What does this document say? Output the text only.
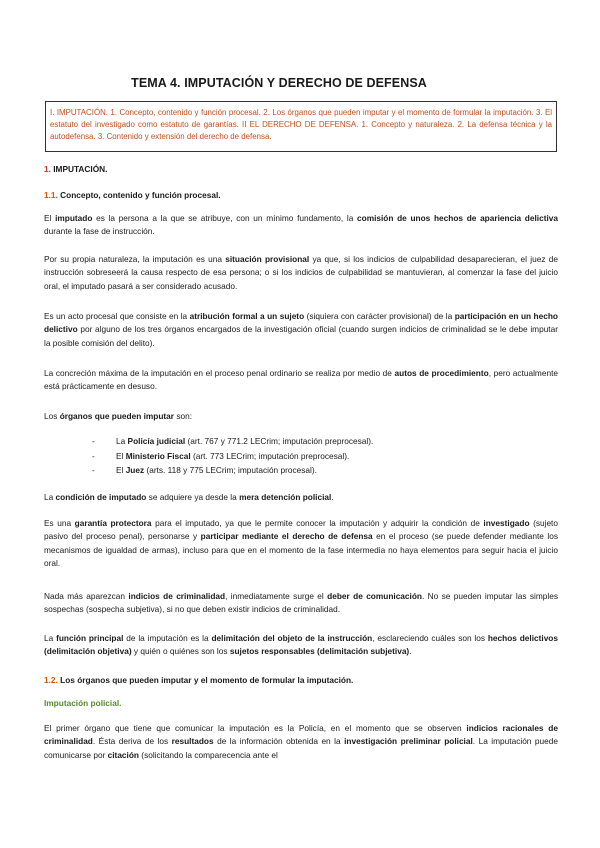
TEMA 4. IMPUTACIÓN Y DERECHO DE DEFENSA
I. IMPUTACIÓN. 1. Concepto, contenido y función procesal. 2. Los órganos que pueden imputar y el momento de formular la imputación. 3. El estatuto del investigado como estatuto de garantías. II EL DERECHO DE DEFENSA. 1. Concepto y naturaleza. 2. La defensa técnica y la autodefensa. 3. Contenido y extensión del derecho de defensa.
1. IMPUTACIÓN.
1.1. Concepto, contenido y función procesal.
El imputado es la persona a la que se atribuye, con un mínimo fundamento, la comisión de unos hechos de apariencia delictiva durante la fase de instrucción.
Por su propia naturaleza, la imputación es una situación provisional ya que, si los indicios de culpabilidad desaparecieran, el juez de instrucción sobreseerá la causa respecto de esa persona; o si los indicios de culpabilidad se mantuvieran, al comenzar la fase del juicio oral, el imputado pasará a ser considerado acusado.
Es un acto procesal que consiste en la atribución formal a un sujeto (siquiera con carácter provisional) de la participación en un hecho delictivo por alguno de los tres órganos encargados de la investigación oficial (cuando surgen indicios de criminalidad se le debe imputar la posible comisión del delito).
La concreción máxima de la imputación en el proceso penal ordinario se realiza por medio de autos de procedimiento, pero actualmente está prácticamente en desuso.
Los órganos que pueden imputar son:
- La Policía judicial (art. 767 y 771.2 LECrim; imputación preprocesal).
- El Ministerio Fiscal (art. 773 LECrim; imputación preprocesal).
- El Juez (arts. 118 y 775 LECrim; imputación procesal).
La condición de imputado se adquiere ya desde la mera detención policial.
Es una garantía protectora para el imputado, ya que le permite conocer la imputación y adquirir la condición de investigado (sujeto pasivo del proceso penal), personarse y participar mediante el derecho de defensa en el proceso (se puede defender mediante los mecanismos de igualdad de armas), incluso para que en el momento de la fase intermedia no haya elementos para seguir hacia el juicio oral.
Nada más aparezcan indicios de criminalidad, inmediatamente surge el deber de comunicación. No se pueden imputar las simples sospechas (sospecha subjetiva), si no que deben existir indicios de criminalidad.
La función principal de la imputación es la delimitación del objeto de la instrucción, esclareciendo cuáles son los hechos delictivos (delimitación objetiva) y quién o quiénes son los sujetos responsables (delimitación subjetiva).
1.2. Los órganos que pueden imputar y el momento de formular la imputación.
Imputación policial.
El primer órgano que tiene que comunicar la imputación es la Policía, en el momento que se observen indicios racionales de criminalidad. Ésta deriva de los resultados de la información obtenida en la investigación preliminar policial. La imputación puede comunicarse por citación (solicitando la comparecencia ante el
